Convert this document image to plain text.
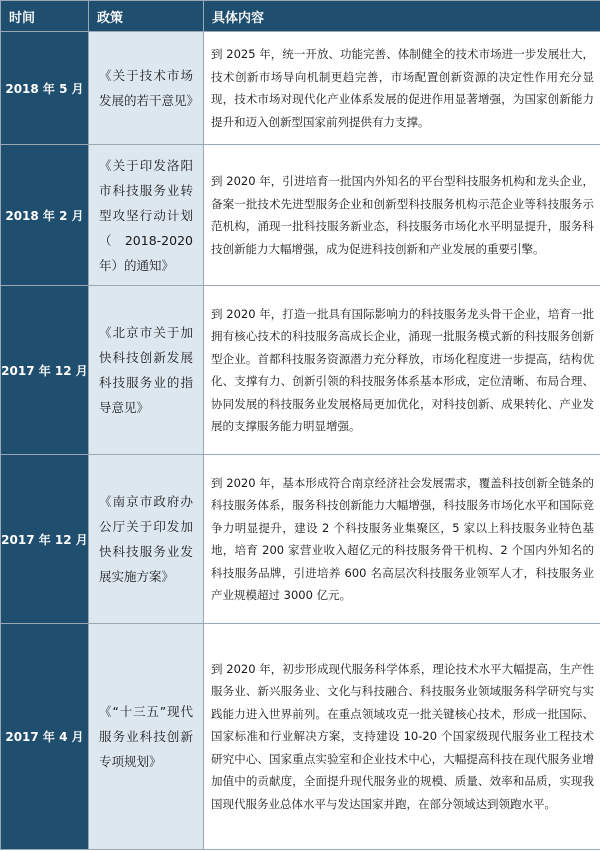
时间	政策	具体内容
2018 年 5 月	《关于技术市场发展的若干意见》	到 2025 年，统一开放、功能完善、体制健全的技术市场进一步发展壮大，技术创新市场导向机制更趋完善，市场配置创新资源的决定性作用充分显现，技术市场对现代化产业体系发展的促进作用显著增强，为国家创新能力提升和迈入创新型国家前列提供有力支撑。
2018 年 2 月	《关于印发洛阳市科技服务业转型攻坚行动计划（2018-2020 年）的通知》	到 2020 年，引进培育一批国内外知名的平台型科技服务机构和龙头企业，备案一批技术先进型服务企业和创新型科技服务机构示范企业等科技服务示范机构，涌现一批科技服务新业态，科技服务市场化水平明显提升，服务科技创新能力大幅增强，成为促进科技创新和产业发展的重要引擎。
2017 年 12 月	《北京市关于加快科技创新发展科技服务业的指导意见》	到 2020 年，打造一批具有国际影响力的科技服务龙头骨干企业，培育一批拥有核心技术的科技服务高成长企业，涌现一批服务模式新的科技服务创新型企业。首都科技服务资源潜力充分释放，市场化程度进一步提高，结构优化、支撑有力、创新引领的科技服务体系基本形成，定位清晰、布局合理、协同发展的科技服务业发展格局更加优化，对科技创新、成果转化、产业发展的支撑服务能力明显增强。
2017 年 12 月	《南京市政府办公厅关于印发加快科技服务业发展实施方案》	到 2020 年，基本形成符合南京经济社会发展需求，覆盖科技创新全链条的科技服务体系，服务科技创新能力大幅增强，科技服务市场化水平和国际竞争力明显提升，建设 2 个科技服务业集聚区，5 家以上科技服务业特色基地，培育 200 家营业收入超亿元的科技服务骨干机构、2 个国内外知名的科技服务品牌，引进培养 600 名高层次科技服务业领军人才，科技服务业产业规模超过 3000 亿元。
2017 年 4 月	《“十三五”现代服务业科技创新专项规划》	到 2020 年，初步形成现代服务科学体系，理论技术水平大幅提高，生产性服务业、新兴服务业、文化与科技融合、科技服务业领域服务科学研究与实践能力进入世界前列。在重点领域攻克一批关键核心技术，形成一批国际、国家标准和行业解决方案，支持建设 10-20 个国家级现代服务业工程技术研究中心、国家重点实验室和企业技术中心，大幅提高科技在现代服务业增加值中的贡献度，全面提升现代服务业的规模、质量、效率和品质，实现我国现代服务业总体水平与发达国家并跑，在部分领域达到领跑水平。
